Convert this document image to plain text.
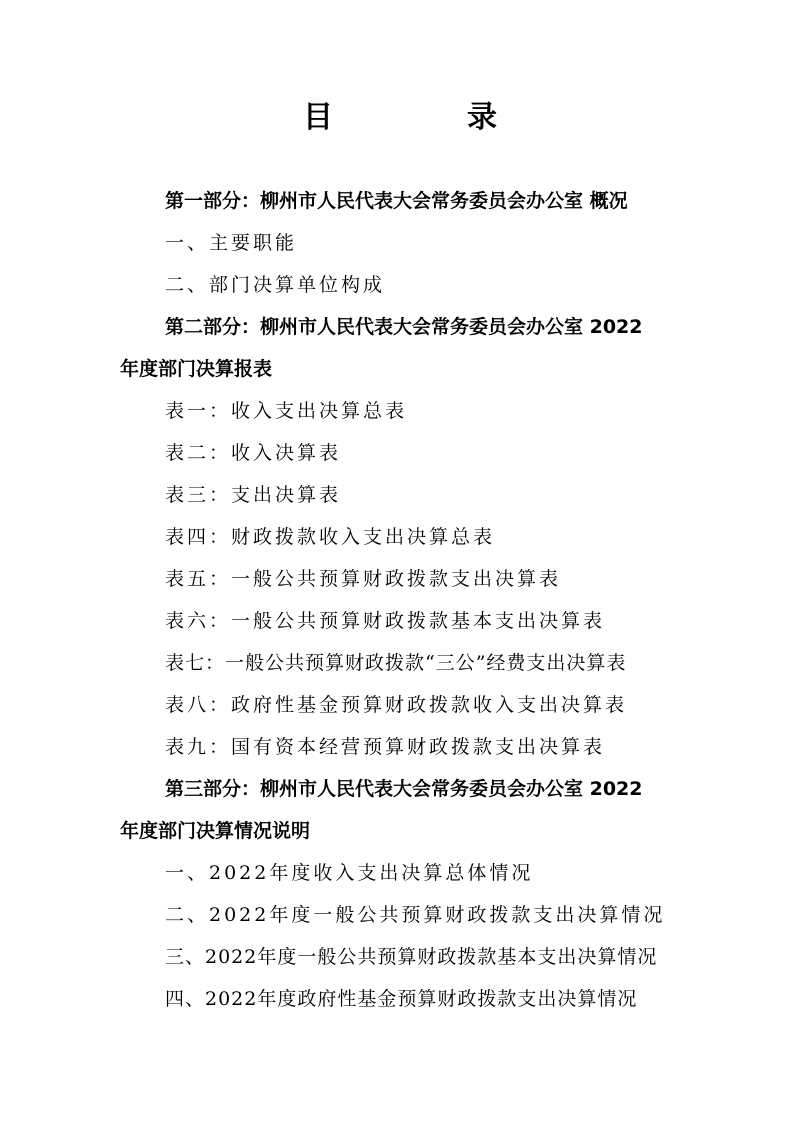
目　录
第一部分：柳州市人民代表大会常务委员会办公室 概况
一、主要职能
二、部门决算单位构成
第二部分：柳州市人民代表大会常务委员会办公室 2022
年度部门决算报表
表一：收入支出决算总表
表二：收入决算表
表三：支出决算表
表四：财政拨款收入支出决算总表
表五：一般公共预算财政拨款支出决算表
表六：一般公共预算财政拨款基本支出决算表
表七：一般公共预算财政拨款“三公”经费支出决算表
表八：政府性基金预算财政拨款收入支出决算表
表九：国有资本经营预算财政拨款支出决算表
第三部分：柳州市人民代表大会常务委员会办公室 2022
年度部门决算情况说明
一、2022年度收入支出决算总体情况
二、2022年度一般公共预算财政拨款支出决算情况
三、2022年度一般公共预算财政拨款基本支出决算情况
四、2022年度政府性基金预算财政拨款支出决算情况
